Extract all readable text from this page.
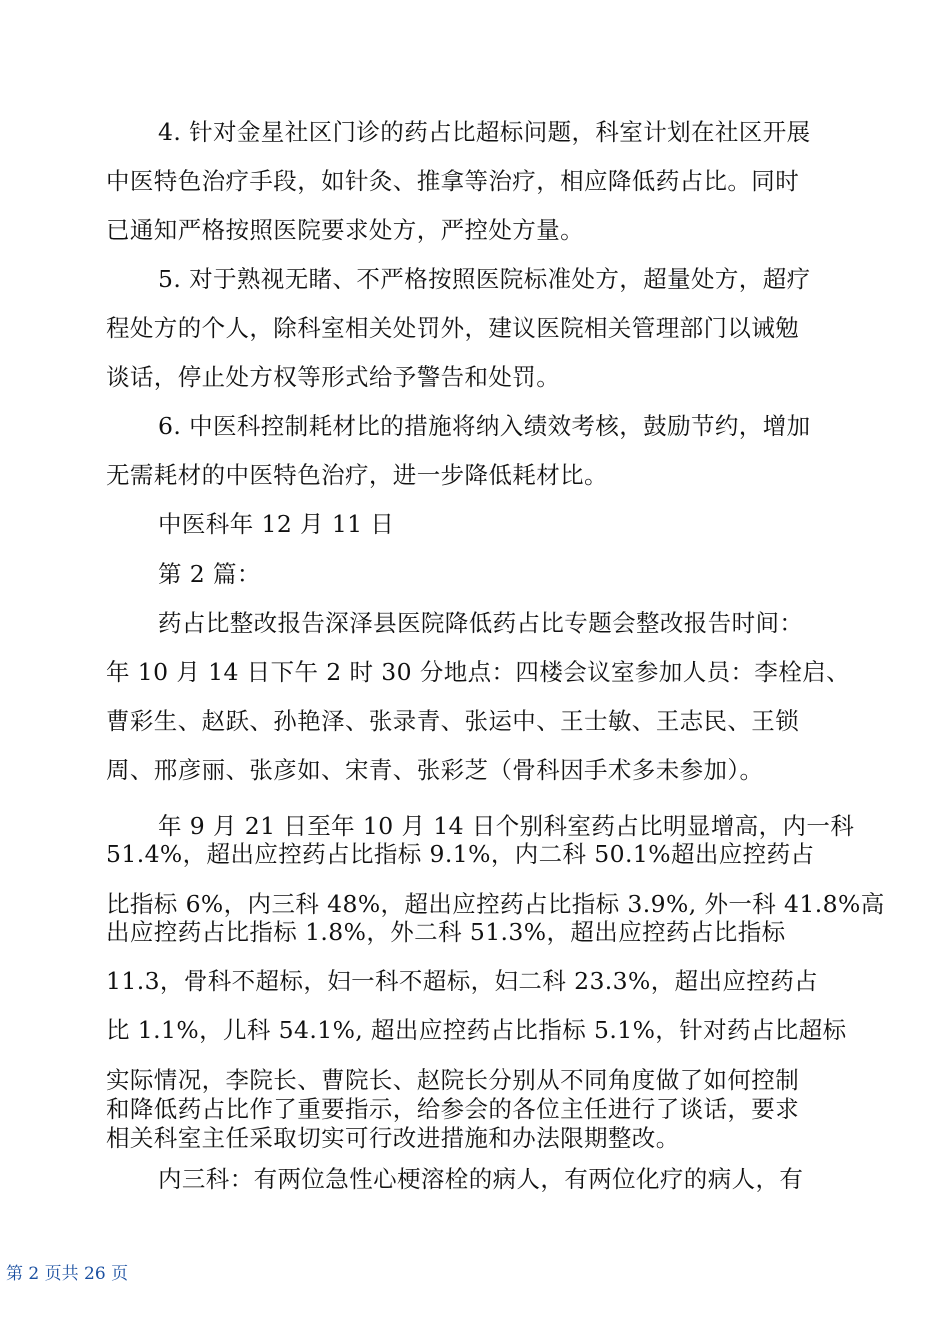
4. 针对金星社区门诊的药占比超标问题，科室计划在社区开展
中医特色治疗手段，如针灸、推拿等治疗，相应降低药占比。同时
已通知严格按照医院要求处方，严控处方量。
5. 对于熟视无睹、不严格按照医院标准处方，超量处方，超疗
程处方的个人，除科室相关处罚外，建议医院相关管理部门以诫勉
谈话，停止处方权等形式给予警告和处罚。
6. 中医科控制耗材比的措施将纳入绩效考核，鼓励节约，增加
无需耗材的中医特色治疗，进一步降低耗材比。
中医科年 12 月 11 日
第 2 篇：
药占比整改报告深泽县医院降低药占比专题会整改报告时间：
年 10 月 14 日下午 2 时 30 分地点：四楼会议室参加人员：李栓启、
曹彩生、赵跃、孙艳泽、张录青、张运中、王士敏、王志民、王锁
周、邢彦丽、张彦如、宋青、张彩芝（骨科因手术多未参加）。
年 9 月 21 日至年 10 月 14 日个别科室药占比明显增高，内一科
51.4%，超出应控药占比指标 9.1%，内二科 50.1%超出应控药占
比指标 6%，内三科 48%，超出应控药占比指标 3.9%, 外一科 41.8%高
出应控药占比指标 1.8%，外二科 51.3%，超出应控药占比指标
11.3，骨科不超标，妇一科不超标，妇二科 23.3%，超出应控药占
比 1.1%，儿科 54.1%, 超出应控药占比指标 5.1%，针对药占比超标
实际情况，李院长、曹院长、赵院长分别从不同角度做了如何控制
和降低药占比作了重要指示，给参会的各位主任进行了谈话，要求
相关科室主任采取切实可行改进措施和办法限期整改。
内三科：有两位急性心梗溶栓的病人，有两位化疗的病人，有
第 2 页共 26 页
